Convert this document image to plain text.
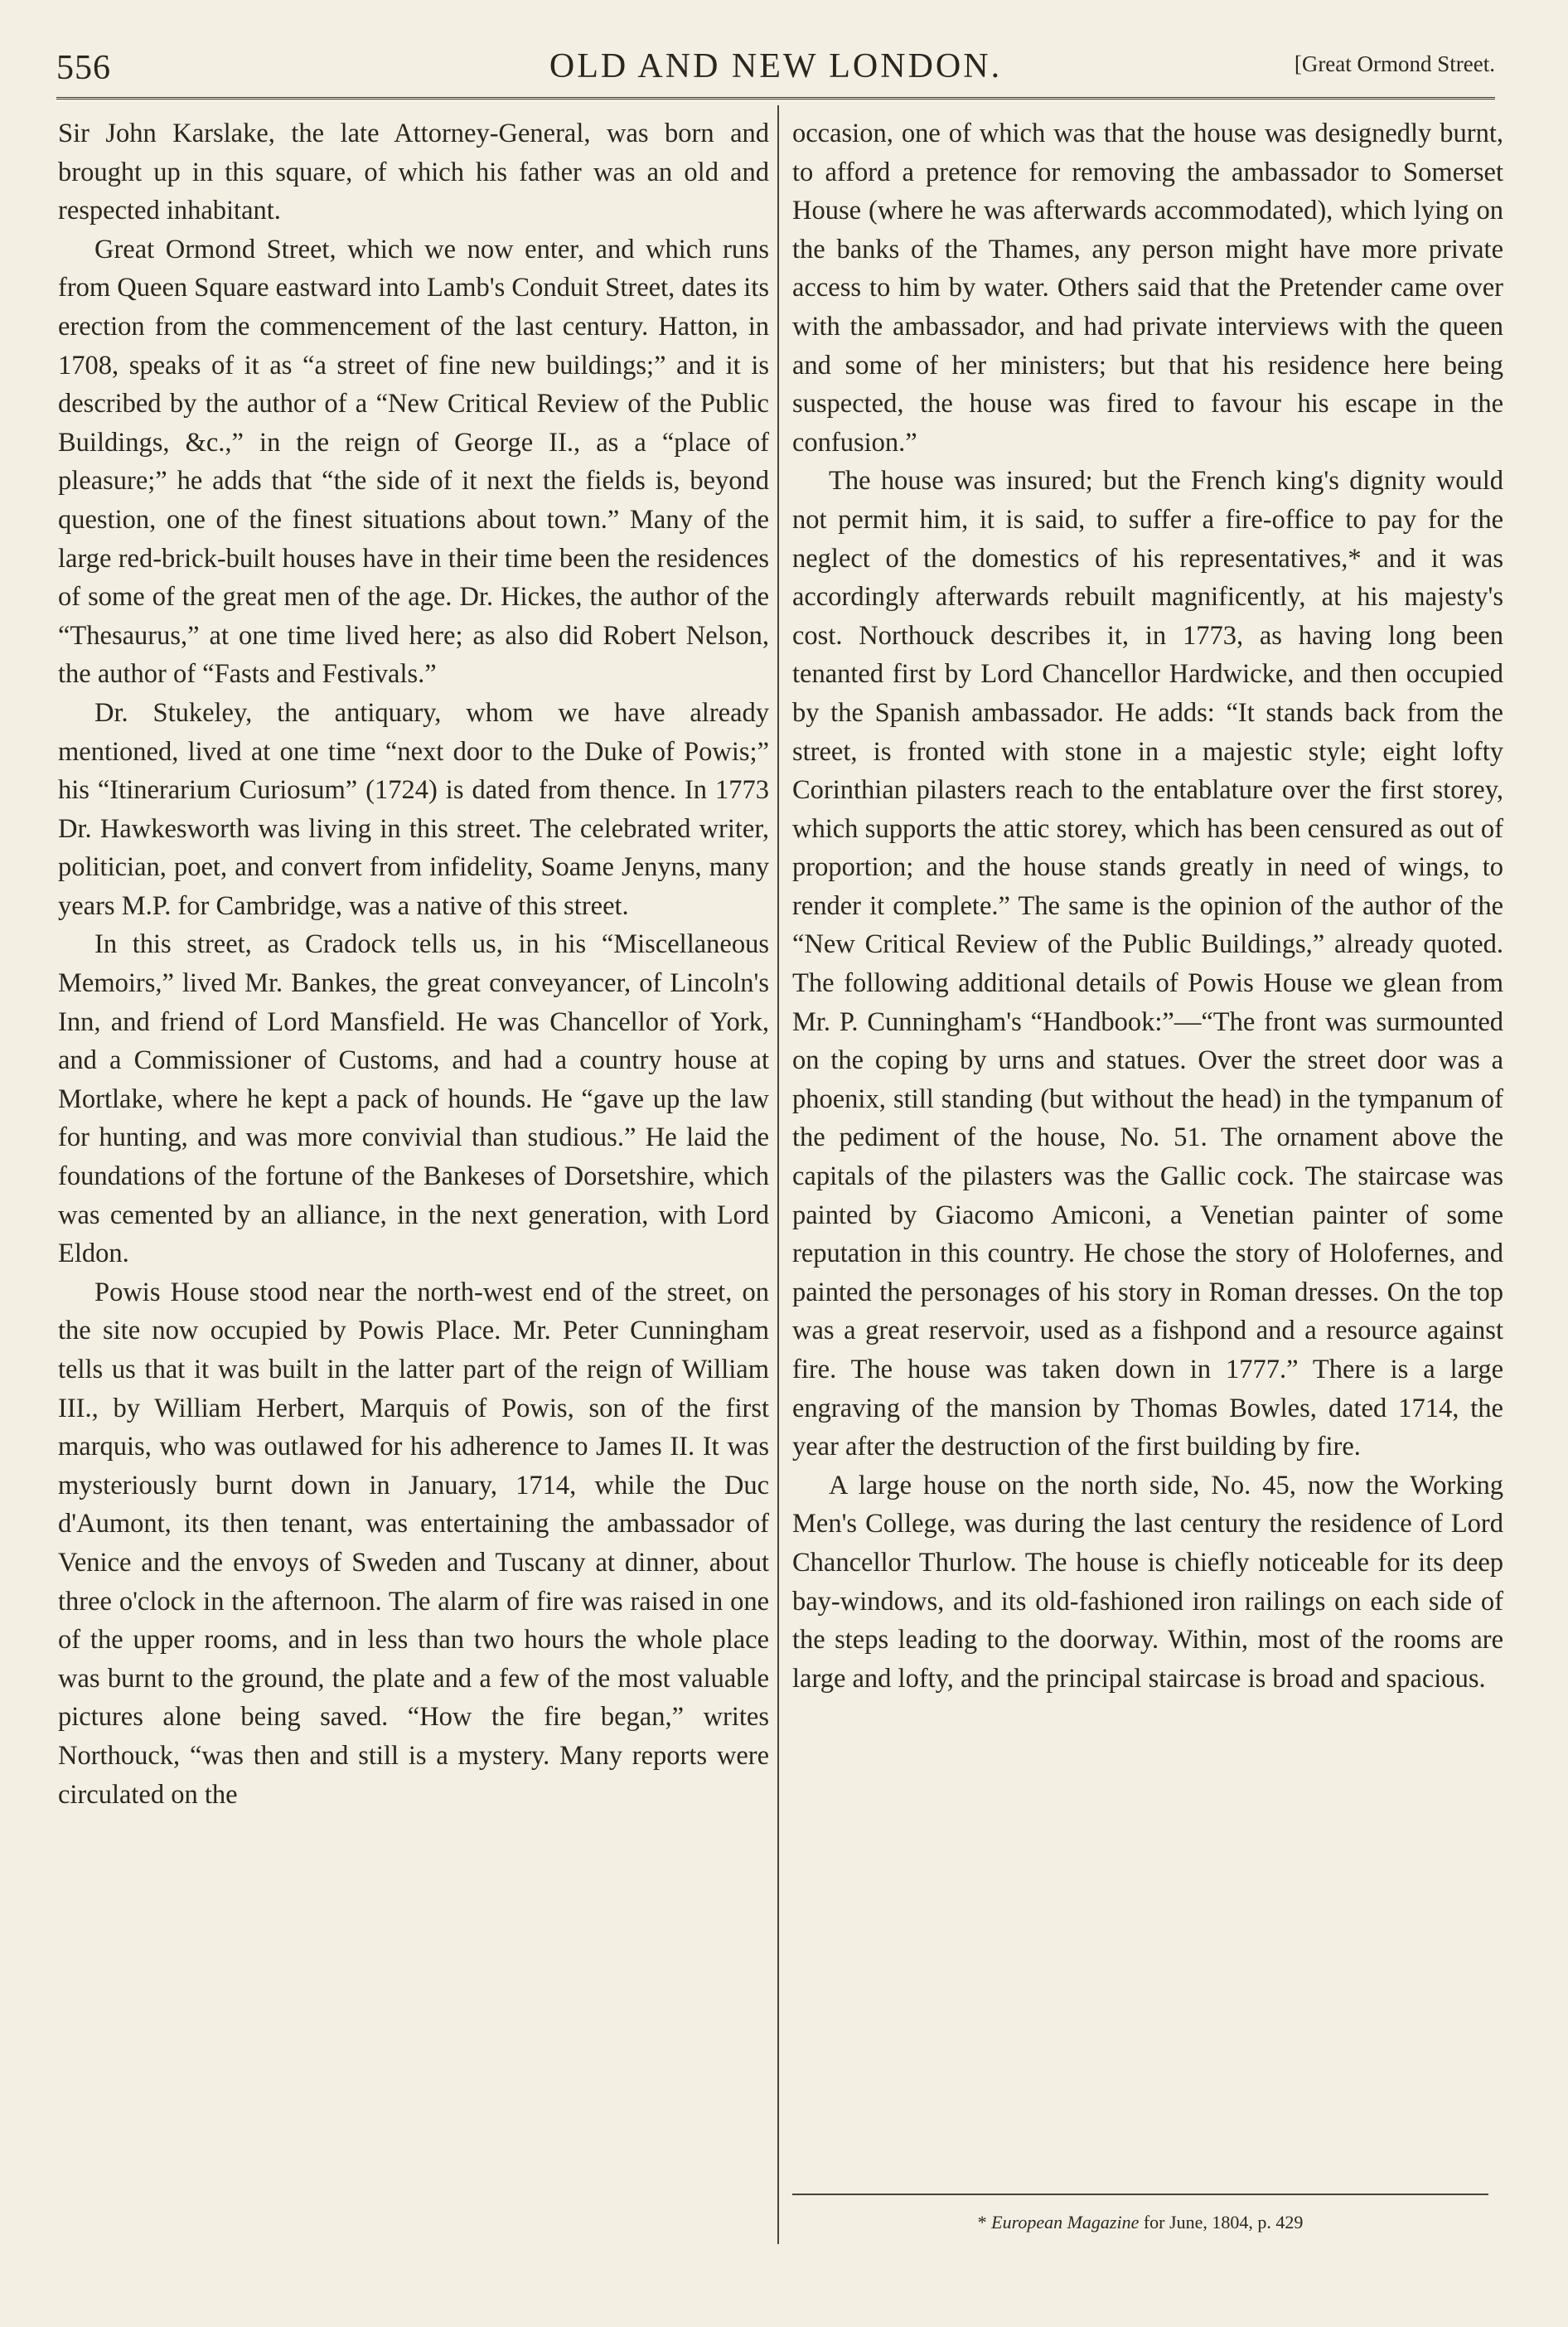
556	OLD AND NEW LONDON.	[Great Ormond Street.

Sir John Karslake, the late Attorney-General, was born and brought up in this square, of which his father was an old and respected inhabitant.

Great Ormond Street, which we now enter, and which runs from Queen Square eastward into Lamb's Conduit Street, dates its erection from the commencement of the last century. Hatton, in 1708, speaks of it as “a street of fine new buildings;” and it is described by the author of a “New Critical Review of the Public Buildings, &c.,” in the reign of George II., as a “place of pleasure;” he adds that “the side of it next the fields is, beyond question, one of the finest situations about town.” Many of the large red-brick-built houses have in their time been the residences of some of the great men of the age. Dr. Hickes, the author of the “Thesaurus,” at one time lived here; as also did Robert Nelson, the author of “Fasts and Festivals.”

Dr. Stukeley, the antiquary, whom we have already mentioned, lived at one time “next door to the Duke of Powis;” his “Itinerarium Curiosum” (1724) is dated from thence. In 1773 Dr. Hawkesworth was living in this street. The celebrated writer, politician, poet, and convert from infidelity, Soame Jenyns, many years M.P. for Cambridge, was a native of this street.

In this street, as Cradock tells us, in his “Miscellaneous Memoirs,” lived Mr. Bankes, the great conveyancer, of Lincoln's Inn, and friend of Lord Mansfield. He was Chancellor of York, and a Commissioner of Customs, and had a country house at Mortlake, where he kept a pack of hounds. He “gave up the law for hunting, and was more convivial than studious.” He laid the foundations of the fortune of the Bankeses of Dorsetshire, which was cemented by an alliance, in the next generation, with Lord Eldon.

Powis House stood near the north-west end of the street, on the site now occupied by Powis Place. Mr. Peter Cunningham tells us that it was built in the latter part of the reign of William III., by William Herbert, Marquis of Powis, son of the first marquis, who was outlawed for his adherence to James II. It was mysteriously burnt down in January, 1714, while the Duc d'Aumont, its then tenant, was entertaining the ambassador of Venice and the envoys of Sweden and Tuscany at dinner, about three o'clock in the afternoon. The alarm of fire was raised in one of the upper rooms, and in less than two hours the whole place was burnt to the ground, the plate and a few of the most valuable pictures alone being saved. “How the fire began,” writes Northouck, “was then and still is a mystery. Many reports were circulated on the

occasion, one of which was that the house was designedly burnt, to afford a pretence for removing the ambassador to Somerset House (where he was afterwards accommodated), which lying on the banks of the Thames, any person might have more private access to him by water. Others said that the Pretender came over with the ambassador, and had private interviews with the queen and some of her ministers; but that his residence here being suspected, the house was fired to favour his escape in the confusion.”

The house was insured; but the French king's dignity would not permit him, it is said, to suffer a fire-office to pay for the neglect of the domestics of his representatives,* and it was accordingly afterwards rebuilt magnificently, at his majesty's cost. Northouck describes it, in 1773, as having long been tenanted first by Lord Chancellor Hardwicke, and then occupied by the Spanish ambassador. He adds: “It stands back from the street, is fronted with stone in a majestic style; eight lofty Corinthian pilasters reach to the entablature over the first storey, which supports the attic storey, which has been censured as out of proportion; and the house stands greatly in need of wings, to render it complete.” The same is the opinion of the author of the “New Critical Review of the Public Buildings,” already quoted. The following additional details of Powis House we glean from Mr. P. Cunningham's “Handbook:”—“The front was surmounted on the coping by urns and statues. Over the street door was a phoenix, still standing (but without the head) in the tympanum of the pediment of the house, No. 51. The ornament above the capitals of the pilasters was the Gallic cock. The staircase was painted by Giacomo Amiconi, a Venetian painter of some reputation in this country. He chose the story of Holofernes, and painted the personages of his story in Roman dresses. On the top was a great reservoir, used as a fishpond and a resource against fire. The house was taken down in 1777.” There is a large engraving of the mansion by Thomas Bowles, dated 1714, the year after the destruction of the first building by fire.

A large house on the north side, No. 45, now the Working Men's College, was during the last century the residence of Lord Chancellor Thurlow. The house is chiefly noticeable for its deep bay-windows, and its old-fashioned iron railings on each side of the steps leading to the doorway. Within, most of the rooms are large and lofty, and the principal staircase is broad and spacious.

* European Magazine for June, 1804, p. 429
